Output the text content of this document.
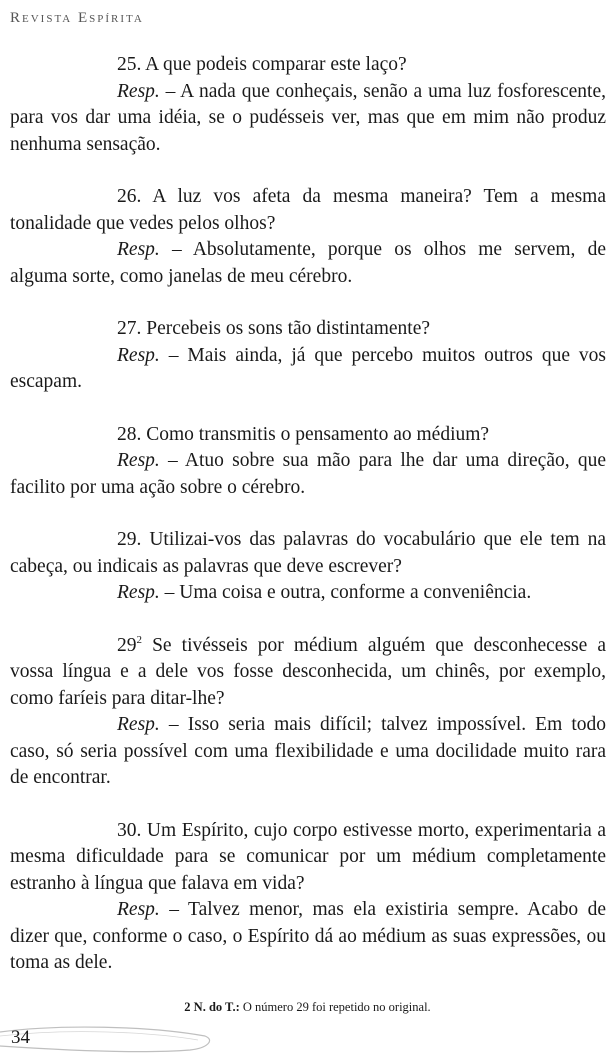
Revista Espírita

25. A que podeis comparar este laço?

Resp. – A nada que conheçais, senão a uma luz fosforescente, para vos dar uma idéia, se o pudésseis ver, mas que em mim não produz nenhuma sensação.

26. A luz vos afeta da mesma maneira? Tem a mesma tonalidade que vedes pelos olhos?

Resp. – Absolutamente, porque os olhos me servem, de alguma sorte, como janelas de meu cérebro.

27. Percebeis os sons tão distintamente?

Resp. – Mais ainda, já que percebo muitos outros que vos escapam.

28. Como transmitis o pensamento ao médium?

Resp. – Atuo sobre sua mão para lhe dar uma direção, que facilito por uma ação sobre o cérebro.

29. Utilizai-vos das palavras do vocabulário que ele tem na cabeça, ou indicais as palavras que deve escrever?

Resp. – Uma coisa e outra, conforme a conveniência.

$29^2$ Se tivésseis por médium alguém que desconhecesse a vossa língua e a dele vos fosse desconhecida, um chinês, por exemplo, como faríeis para ditar-lhe?

Resp. – Isso seria mais difícil; talvez impossível. Em todo caso, só seria possível com uma flexibilidade e uma docilidade muito rara de encontrar.

30. Um Espírito, cujo corpo estivesse morto, experimentaria a mesma dificuldade para se comunicar por um médium completamente estranho à língua que falava em vida?

Resp. – Talvez menor, mas ela existiria sempre. Acabo de dizer que, conforme o caso, o Espírito dá ao médium as suas expressões, ou toma as dele.

2 N. do T.: O número 29 foi repetido no original.
34
